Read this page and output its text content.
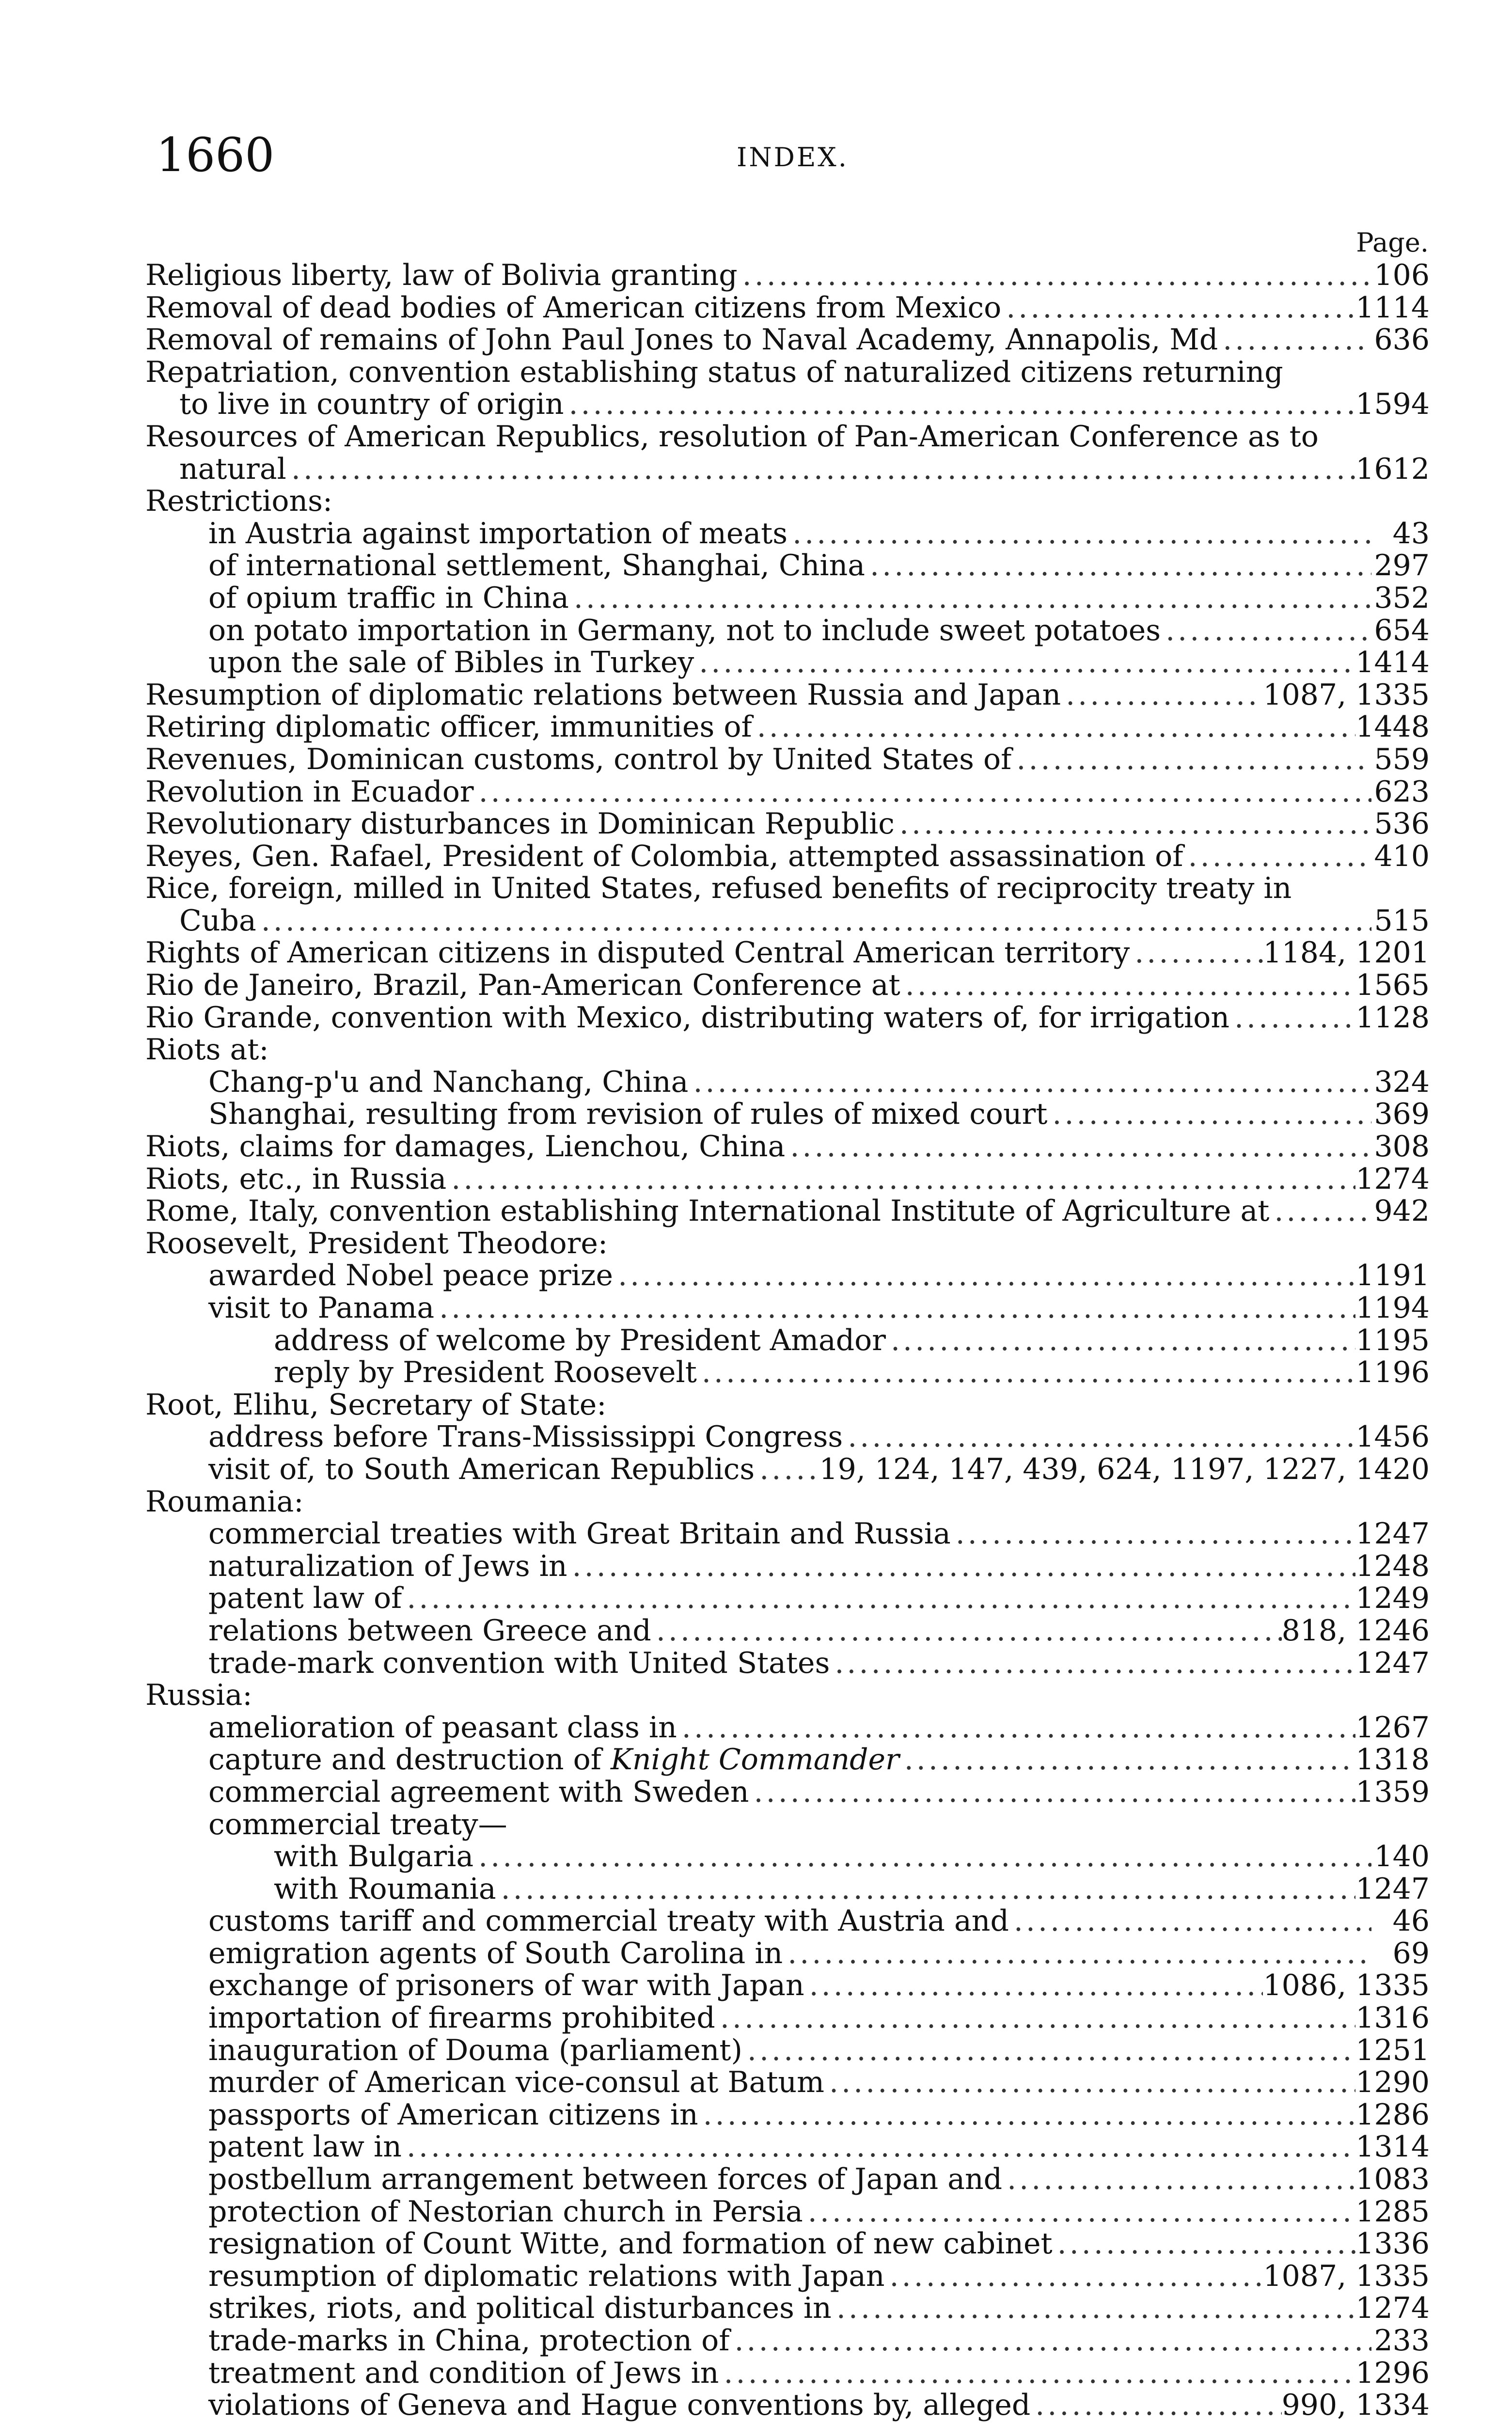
1660	INDEX.
Page.
Religious liberty, law of Bolivia granting .....	106
Removal of dead bodies of American citizens from Mexico .....	1114
Removal of remains of John Paul Jones to Naval Academy, Annapolis, Md .....	636
Repatriation, convention establishing status of naturalized citizens returning
to live in country of origin .....	1594
Resources of American Republics, resolution of Pan-American Conference as to
natural .....	1612
Restrictions:
in Austria against importation of meats .....	43
of international settlement, Shanghai, China .....	297
of opium traffic in China .....	352
on potato importation in Germany, not to include sweet potatoes .....	654
upon the sale of Bibles in Turkey .....	1414
Resumption of diplomatic relations between Russia and Japan .....	1087, 1335
Retiring diplomatic officer, immunities of .....	1448
Revenues, Dominican customs, control by United States of .....	559
Revolution in Ecuador .....	623
Revolutionary disturbances in Dominican Republic .....	536
Reyes, Gen. Rafael, President of Colombia, attempted assassination of .....	410
Rice, foreign, milled in United States, refused benefits of reciprocity treaty in
Cuba .....	515
Rights of American citizens in disputed Central American territory .....	1184, 1201
Rio de Janeiro, Brazil, Pan-American Conference at .....	1565
Rio Grande, convention with Mexico, distributing waters of, for irrigation .....	1128
Riots at:
Chang-p'u and Nanchang, China .....	324
Shanghai, resulting from revision of rules of mixed court .....	369
Riots, claims for damages, Lienchou, China .....	308
Riots, etc., in Russia .....	1274
Rome, Italy, convention establishing International Institute of Agriculture at .....	942
Roosevelt, President Theodore:
awarded Nobel peace prize .....	1191
visit to Panama .....	1194
address of welcome by President Amador .....	1195
reply by President Roosevelt .....	1196
Root, Elihu, Secretary of State:
address before Trans-Mississippi Congress .....	1456
visit of, to South American Republics ..... 19, 124, 147, 439, 624, 1197, 1227, 1420
Roumania:
commercial treaties with Great Britain and Russia .....	1247
naturalization of Jews in .....	1248
patent law of .....	1249
relations between Greece and .....	818, 1246
trade-mark convention with United States .....	1247
Russia:
amelioration of peasant class in .....	1267
capture and destruction of Knight Commander .....	1318
commercial agreement with Sweden .....	1359
commercial treaty—
with Bulgaria .....	140
with Roumania .....	1247
customs tariff and commercial treaty with Austria and .....	46
emigration agents of South Carolina in .....	69
exchange of prisoners of war with Japan .....	1086, 1335
importation of firearms prohibited .....	1316
inauguration of Douma (parliament) .....	1251
murder of American vice-consul at Batum .....	1290
passports of American citizens in .....	1286
patent law in .....	1314
postbellum arrangement between forces of Japan and .....	1083
protection of Nestorian church in Persia .....	1285
resignation of Count Witte, and formation of new cabinet .....	1336
resumption of diplomatic relations with Japan .....	1087, 1335
strikes, riots, and political disturbances in .....	1274
trade-marks in China, protection of .....	233
treatment and condition of Jews in .....	1296
violations of Geneva and Hague conventions by, alleged .....	990, 1334
